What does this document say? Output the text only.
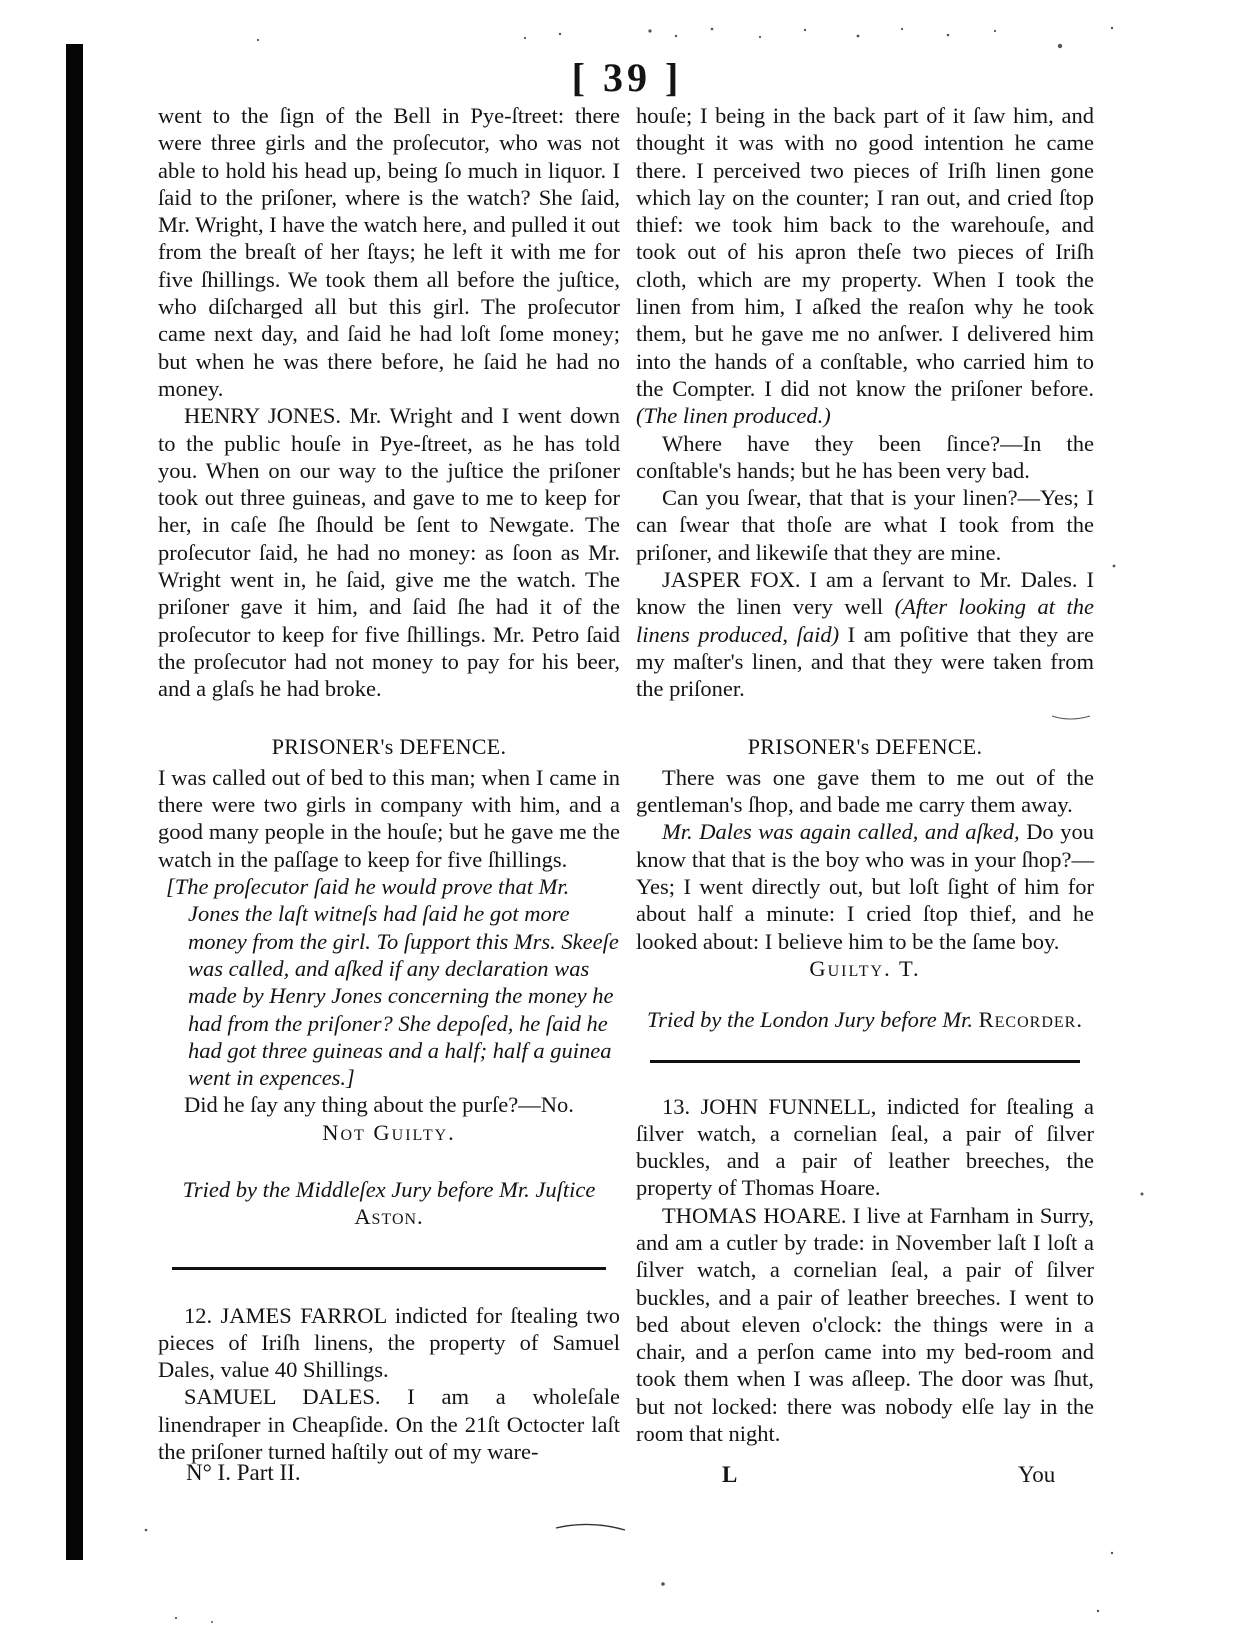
[ 39 ]

went to the ſign of the Bell in Pye-ſtreet: there were three girls and the proſecutor, who was not able to hold his head up, being ſo much in liquor. I ſaid to the priſoner, where is the watch? She ſaid, Mr. Wright, I have the watch here, and pulled it out from the breaſt of her ſtays; he left it with me for five ſhillings. We took them all before the juſtice, who diſcharged all but this girl. The proſecutor came next day, and ſaid he had loſt ſome money; but when he was there before, he ſaid he had no money.

HENRY JONES. Mr. Wright and I went down to the public houſe in Pye-ſtreet, as he has told you. When on our way to the juſtice the priſoner took out three guineas, and gave to me to keep for her, in caſe ſhe ſhould be ſent to Newgate. The proſecutor ſaid, he had no money: as ſoon as Mr. Wright went in, he ſaid, give me the watch. The priſoner gave it him, and ſaid ſhe had it of the proſecutor to keep for five ſhillings. Mr. Petro ſaid the proſecutor had not money to pay for his beer, and a glaſs he had broke.

PRISONER's DEFENCE.

I was called out of bed to this man; when I came in there were two girls in company with him, and a good many people in the houſe; but he gave me the watch in the paſſage to keep for five ſhillings.

[The proſecutor ſaid he would prove that Mr. Jones the laſt witneſs had ſaid he got more money from the girl. To ſupport this Mrs. Skeeſe was called, and aſked if any declaration was made by Henry Jones concerning the money he had from the priſoner? She depoſed, he ſaid he had got three guineas and a half; half a guinea went in expences.]

Did he ſay any thing about the purſe?—No.

Not Guilty.
Tried by the Middleſex Jury before Mr. Juſtice
Aston.

12. JAMES FARROL indicted for ſtealing two pieces of Iriſh linens, the property of Samuel Dales, value 40 Shillings.

SAMUEL DALES. I am a wholeſale linendraper in Cheapſide. On the 21ſt Octocter laſt the priſoner turned haſtily out of my ware-

houſe; I being in the back part of it ſaw him, and thought it was with no good intention he came there. I perceived two pieces of Iriſh linen gone which lay on the counter; I ran out, and cried ſtop thief: we took him back to the warehouſe, and took out of his apron theſe two pieces of Iriſh cloth, which are my property. When I took the linen from him, I aſked the reaſon why he took them, but he gave me no anſwer. I delivered him into the hands of a conſtable, who carried him to the Compter. I did not know the priſoner before. (The linen produced.)

Where have they been ſince?—In the conſtable's hands; but he has been very bad.

Can you ſwear, that that is your linen?—Yes; I can ſwear that thoſe are what I took from the priſoner, and likewiſe that they are mine.

JASPER FOX. I am a ſervant to Mr. Dales. I know the linen very well (After looking at the linens produced, ſaid) I am poſitive that they are my maſter's linen, and that they were taken from the priſoner.

PRISONER's DEFENCE.

There was one gave them to me out of the gentleman's ſhop, and bade me carry them away.

Mr. Dales was again called, and aſked, Do you know that that is the boy who was in your ſhop?—Yes; I went directly out, but loſt ſight of him for about half a minute: I cried ſtop thief, and he looked about: I believe him to be the ſame boy.

Guilty. T.
Tried by the London Jury before Mr. Recorder.

13. JOHN FUNNELL, indicted for ſtealing a ſilver watch, a cornelian ſeal, a pair of ſilver buckles, and a pair of leather breeches, the property of Thomas Hoare.

THOMAS HOARE. I live at Farnham in Surry, and am a cutler by trade: in November laſt I loſt a ſilver watch, a cornelian ſeal, a pair of ſilver buckles, and a pair of leather breeches. I went to bed about eleven o'clock: the things were in a chair, and a perſon came into my bed-room and took them when I was aſleep. The door was ſhut, but not locked: there was nobody elſe lay in the room that night.

N° I. Part II.	L	You
